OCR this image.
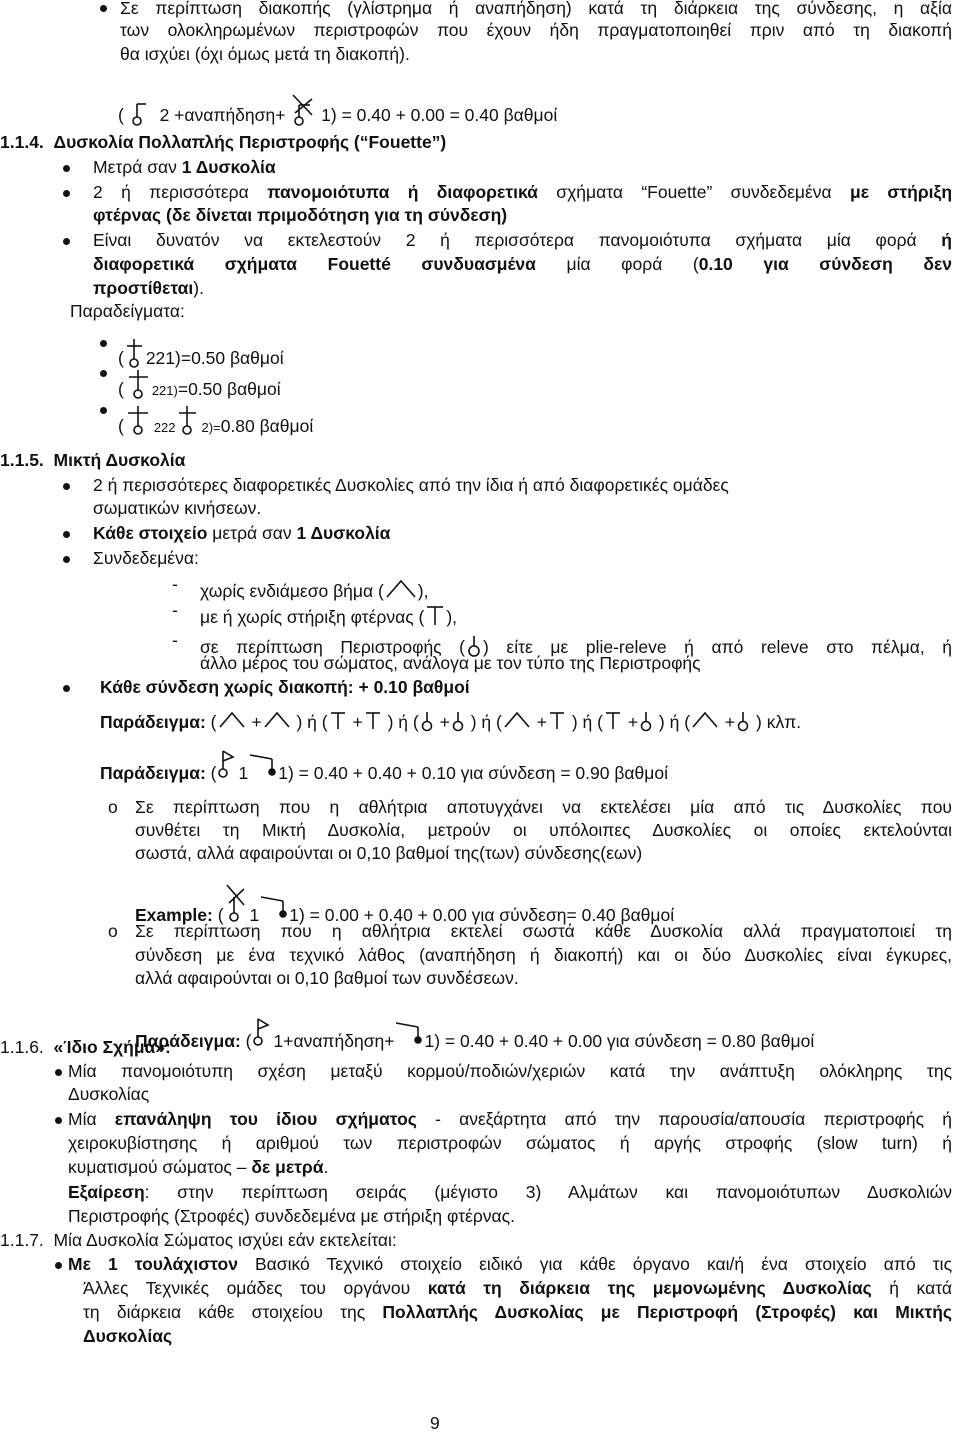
Σε περίπτωση διακοπής (γλίστρημα ή αναπήδηση) κατά τη διάρκεια της σύνδεσης, η αξία
των ολοκληρωμένων περιστροφών που έχουν ήδη πραγματοποιηθεί πριν από τη διακοπή
θα ισχύει (όχι όμως μετά τη διακοπή).
( 2 +αναπήδηση+ 1) = 0.40 + 0.00 = 0.40 βαθμοί
1.1.4. Δυσκολία Πολλαπλής Περιστροφής (“Fouette”)
Μετρά σαν 1 Δυσκολία
2 ή περισσότερα πανομοιότυπα ή διαφορετικά σχήματα “Fouette” συνδεδεμένα με στήριξη
φτέρνας (δε δίνεται πριμοδότηση για τη σύνδεση)
Είναι δυνατόν να εκτελεστούν 2 ή περισσότερα πανομοιότυπα σχήματα μία φορά ή
διαφορετικά σχήματα Fouetté συνδυασμένα μία φορά (0.10 για σύνδεση δεν
προστίθεται).
Παραδείγματα:
( 221)=0.50 βαθμοί
( 221)=0.50 βαθμοί
( 222 2)=0.80 βαθμοί
1.1.5. Μικτή Δυσκολία
2 ή περισσότερες διαφορετικές Δυσκολίες από την ίδια ή από διαφορετικές ομάδες
σωματικών κινήσεων.
Κάθε στοιχείο μετρά σαν 1 Δυσκολία
Συνδεδεμένα:
- χωρίς ενδιάμεσο βήμα ( ),
- με ή χωρίς στήριξη φτέρνας ( ),
- σε περίπτωση Περιστροφής ( ) είτε με plie-releve ή από releve στο πέλμα, ή
άλλο μέρος του σώματος, ανάλογα με τον τύπο της Περιστροφής
Κάθε σύνδεση χωρίς διακοπή: + 0.10 βαθμοί
Παράδειγμα: ( + ) ή ( + ) ή ( + ) ή ( + ) ή ( + ) ή ( + ) κλπ.
Παράδειγμα: ( 1 1) = 0.40 + 0.40 + 0.10 για σύνδεση = 0.90 βαθμοί
o Σε περίπτωση που η αθλήτρια αποτυγχάνει να εκτελέσει μία από τις Δυσκολίες που
συνθέτει τη Μικτή Δυσκολία, μετρούν οι υπόλοιπες Δυσκολίες οι οποίες εκτελούνται
σωστά, αλλά αφαιρούνται οι 0,10 βαθμοί της(των) σύνδεσης(εων)
Example: ( 1 1) = 0.00 + 0.40 + 0.00 για σύνδεση= 0.40 βαθμοί
o Σε περίπτωση που η αθλήτρια εκτελεί σωστά κάθε Δυσκολία αλλά πραγματοποιεί τη
σύνδεση με ένα τεχνικό λάθος (αναπήδηση ή διακοπή) και οι δύο Δυσκολίες είναι έγκυρες,
αλλά αφαιρούνται οι 0,10 βαθμοί των συνδέσεων.
Παράδειγμα: ( 1+αναπήδηση+ 1) = 0.40 + 0.40 + 0.00 για σύνδεση = 0.80 βαθμοί
1.1.6. «Ίδιο Σχήμα»:
Μία πανομοιότυπη σχέση μεταξύ κορμού/ποδιών/χεριών κατά την ανάπτυξη ολόκληρης της
Δυσκολίας
Μία επανάληψη του ίδιου σχήματος - ανεξάρτητα από την παρουσία/απουσία περιστροφής ή
χειροκυβίστησης ή αριθμού των περιστροφών σώματος ή αργής στροφής (slow turn) ή
κυματισμού σώματος – δε μετρά.
Εξαίρεση: στην περίπτωση σειράς (μέγιστο 3) Αλμάτων και πανομοιότυπων Δυσκολιών
Περιστροφής (Στροφές) συνδεδεμένα με στήριξη φτέρνας.
1.1.7. Μία Δυσκολία Σώματος ισχύει εάν εκτελείται:
Με 1 τουλάχιστον Βασικό Τεχνικό στοιχείο ειδικό για κάθε όργανο και/ή ένα στοιχείο από τις
Άλλες Τεχνικές ομάδες του οργάνου κατά τη διάρκεια της μεμονωμένης Δυσκολίας ή κατά
τη διάρκεια κάθε στοιχείου της Πολλαπλής Δυσκολίας με Περιστροφή (Στροφές) και Μικτής
Δυσκολίας
9
